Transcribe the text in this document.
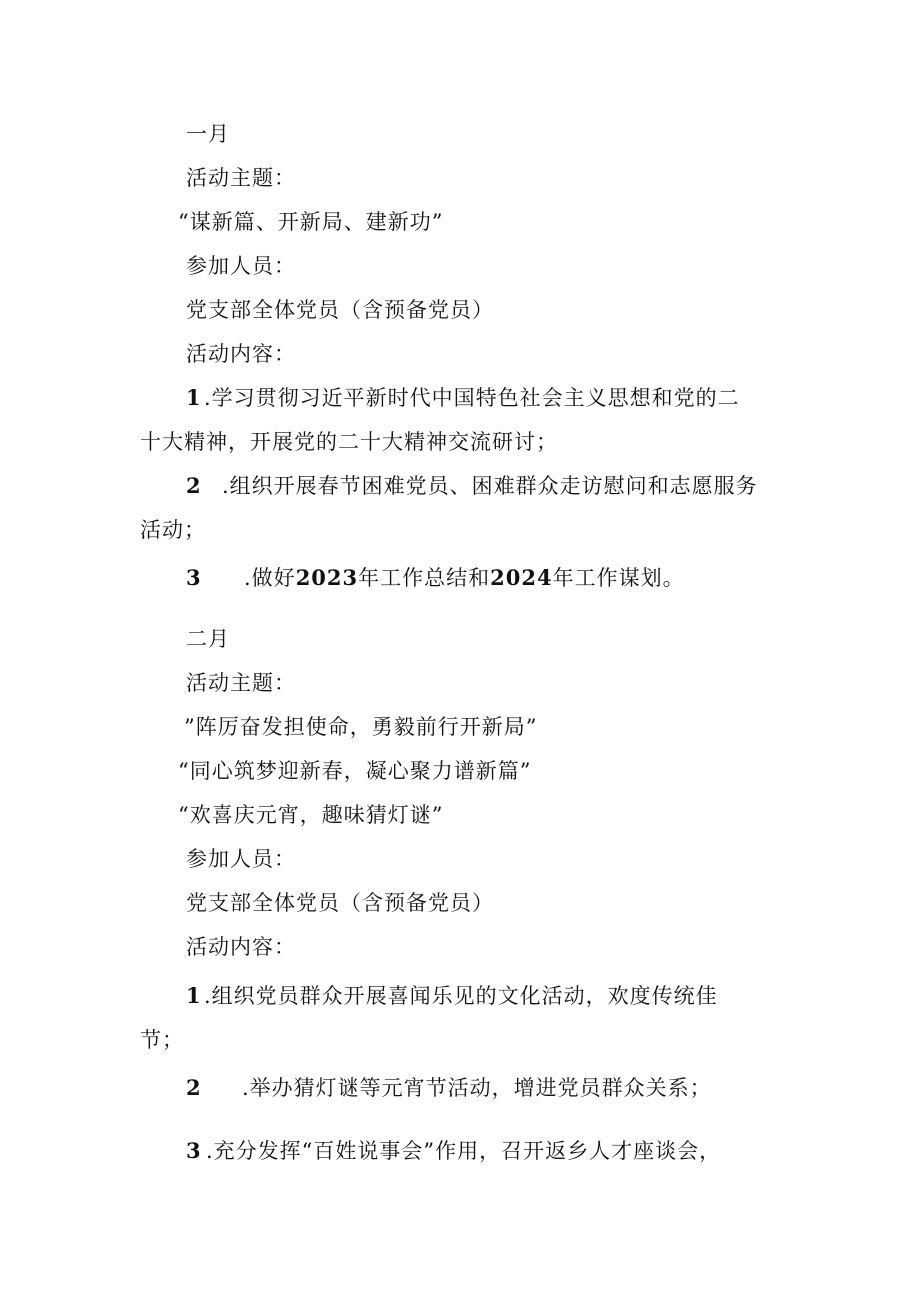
一月
活动主题：
“谋新篇、开新局、建新功”
参加人员：
党支部全体党员（含预备党员）
活动内容：
1 .学习贯彻习近平新时代中国特色社会主义思想和党的二
十大精神，开展党的二十大精神交流研讨；
2 .组织开展春节困难党员、困难群众走访慰问和志愿服务
活动；
3 .做好2023年工作总结和2024年工作谋划。
二月
活动主题：
”阵厉奋发担使命，勇毅前行开新局”
“同心筑梦迎新春，凝心聚力谱新篇”
“欢喜庆元宵，趣味猜灯谜”
参加人员：
党支部全体党员（含预备党员）
活动内容：
1 .组织党员群众开展喜闻乐见的文化活动，欢度传统佳
节；
2 .举办猜灯谜等元宵节活动，增进党员群众关系；
3 .充分发挥“百姓说事会”作用，召开返乡人才座谈会，
